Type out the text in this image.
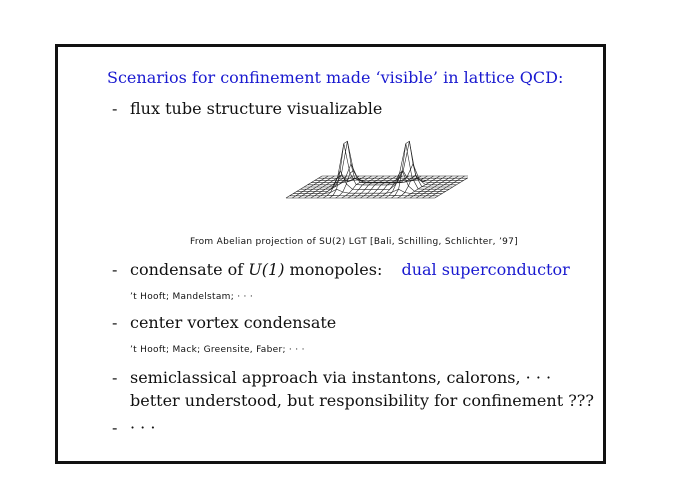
Scenarios for confinement made ‘visible’ in lattice QCD:
- flux tube structure visualizable
From Abelian projection of SU(2) LGT [Bali, Schilling, Schlichter, ’97]
- condensate of U(1) monopoles: dual superconductor
’t Hooft; Mandelstam; · · ·
- center vortex condensate
’t Hooft; Mack; Greensite, Faber; · · ·
- semiclassical approach via instantons, calorons, · · ·
better understood, but responsibility for confinement ???
- · · ·
